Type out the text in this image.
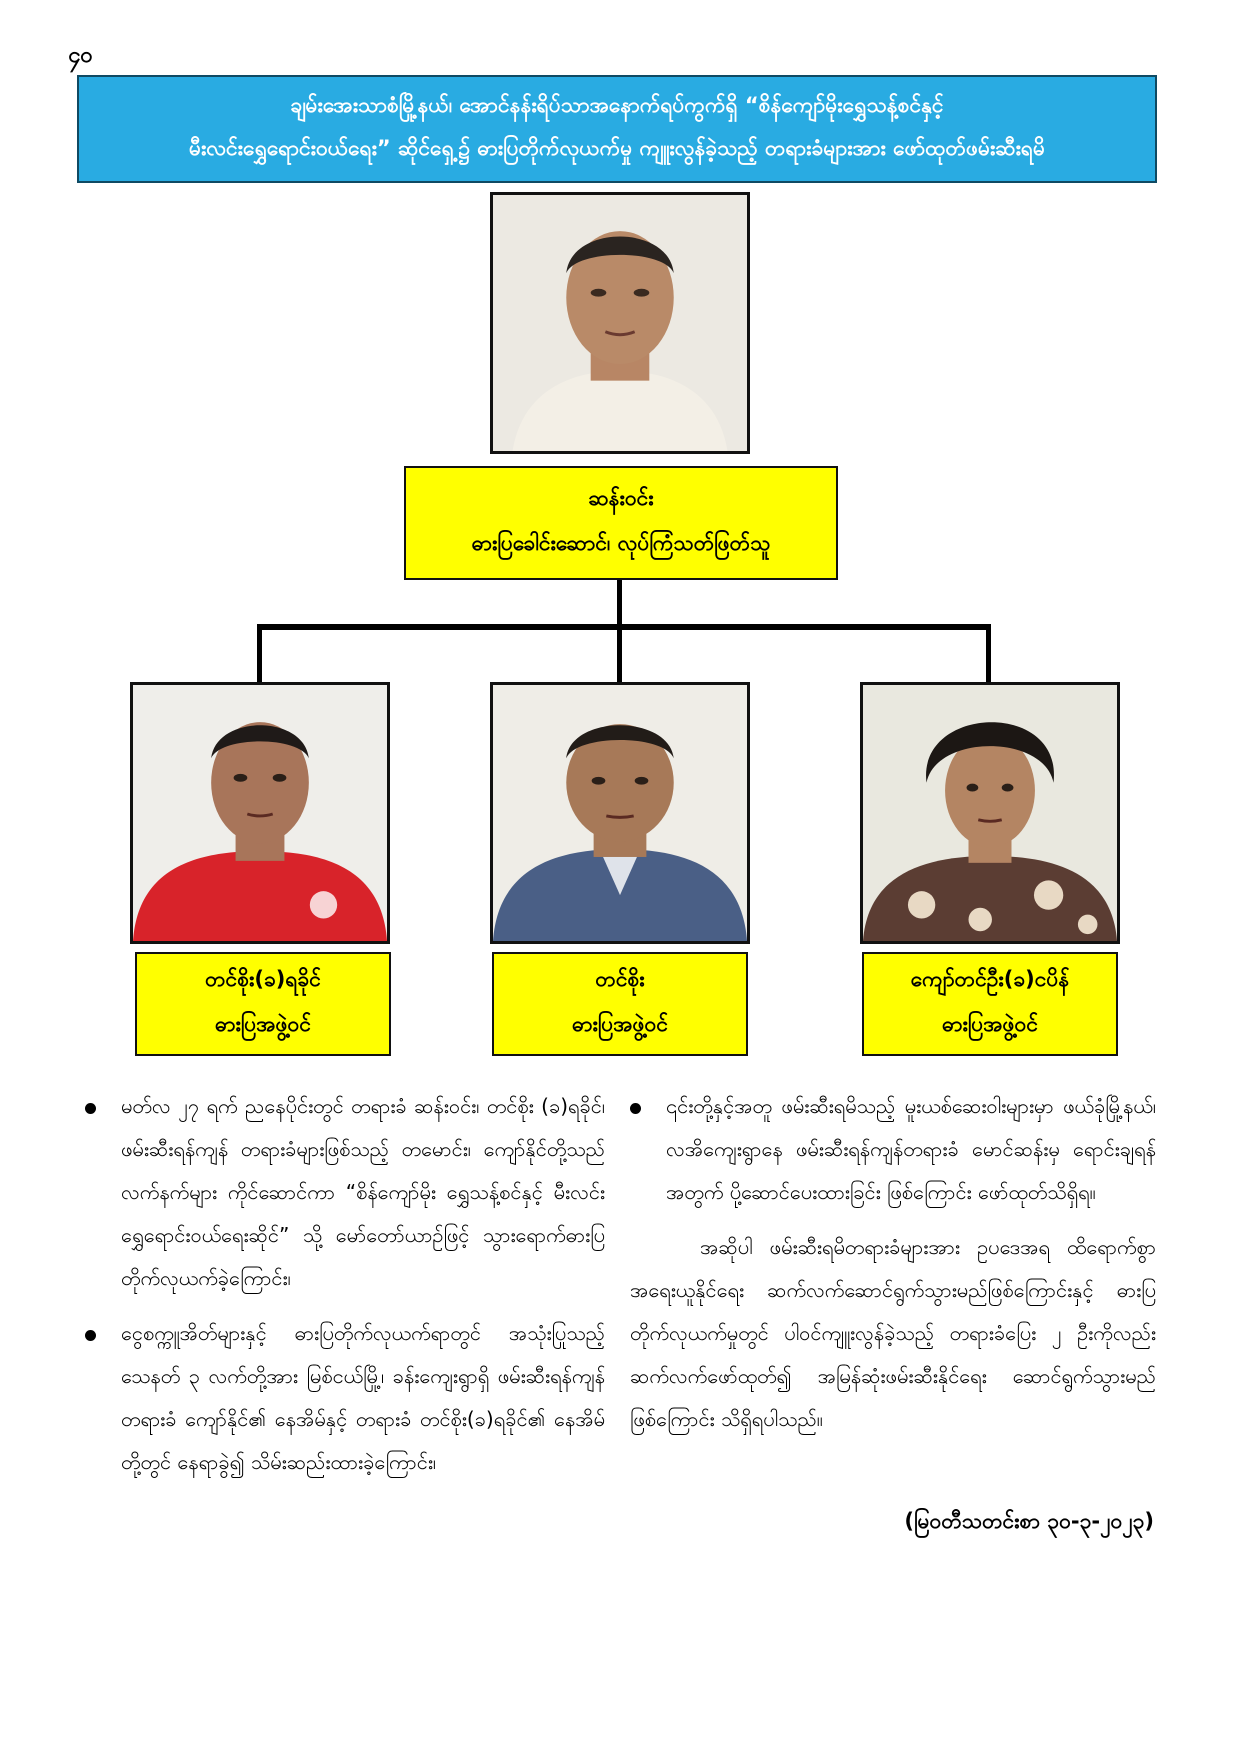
၄၀
ချမ်းအေးသာစံမြို့နယ်၊ အောင်နန်းရိပ်သာအနောက်ရပ်ကွက်ရှိ “စိန်ကျော်မိုးရွှေသန့်စင်နှင့်
မီးလင်းရွှေရောင်းဝယ်ရေး” ဆိုင်ရှေ့၌ ဓားပြတိုက်လုယက်မှု ကျူးလွန်ခဲ့သည့် တရားခံများအား ဖော်ထုတ်ဖမ်းဆီးရမိ
ဆန်းဝင်း
ဓားပြခေါင်းဆောင်၊ လုပ်ကြံသတ်ဖြတ်သူ
တင်စိုး(ခ)ရခိုင်
ဓားပြအဖွဲ့ဝင်
တင်စိုး
ဓားပြအဖွဲ့ဝင်
ကျော်တင်ဦး(ခ)ငပိန်
ဓားပြအဖွဲ့ဝင်
မတ်လ ၂၇ ရက် ညနေပိုင်းတွင် တရားခံ ဆန်းဝင်း၊ တင်စိုး (ခ)ရခိုင်၊ ဖမ်းဆီးရန်ကျန် တရားခံများဖြစ်သည့် တမောင်း၊ ကျော်နိုင်တို့သည် လက်နက်များ ကိုင်ဆောင်ကာ “စိန်ကျော်မိုး ရွှေသန့်စင်နှင့် မီးလင်းရွှေရောင်းဝယ်ရေးဆိုင်” သို့ မော်တော်ယာဉ်ဖြင့် သွားရောက်ဓားပြတိုက်လုယက်ခဲ့ကြောင်း၊
ငွေစက္ကူအိတ်များနှင့် ဓားပြတိုက်လုယက်ရာတွင် အသုံးပြုသည့် သေနတ် ၃ လက်တို့အား မြစ်ငယ်မြို့၊ ခန်းကျေးရွာရှိ ဖမ်းဆီးရန်ကျန်တရားခံ ကျော်နိုင်၏ နေအိမ်နှင့် တရားခံ တင်စိုး(ခ)ရခိုင်၏ နေအိမ်တို့တွင် နေရာခွဲ၍ သိမ်းဆည်းထားခဲ့ကြောင်း၊
၎င်းတို့နှင့်အတူ ဖမ်းဆီးရမိသည့် မူးယစ်ဆေးဝါးများမှာ ဖယ်ခုံမြို့နယ်၊ လအိကျေးရွာနေ ဖမ်းဆီးရန်ကျန်တရားခံ မောင်ဆန်းမှ ရောင်းချရန်အတွက် ပို့ဆောင်ပေးထားခြင်း ဖြစ်ကြောင်း ဖော်ထုတ်သိရှိရ။

အဆိုပါ ဖမ်းဆီးရမိတရားခံများအား ဥပဒေအရ ထိရောက်စွာ အရေးယူနိုင်ရေး ဆက်လက်ဆောင်ရွက်သွားမည်ဖြစ်ကြောင်းနှင့် ဓားပြတိုက်လုယက်မှုတွင် ပါဝင်ကျူးလွန်ခဲ့သည့် တရားခံပြေး ၂ ဦးကိုလည်း ဆက်လက်ဖော်ထုတ်၍ အမြန်ဆုံးဖမ်းဆီးနိုင်ရေး ဆောင်ရွက်သွားမည်ဖြစ်ကြောင်း သိရှိရပါသည်။

(မြဝတီသတင်းစာ ၃၀-၃-၂၀၂၃)
